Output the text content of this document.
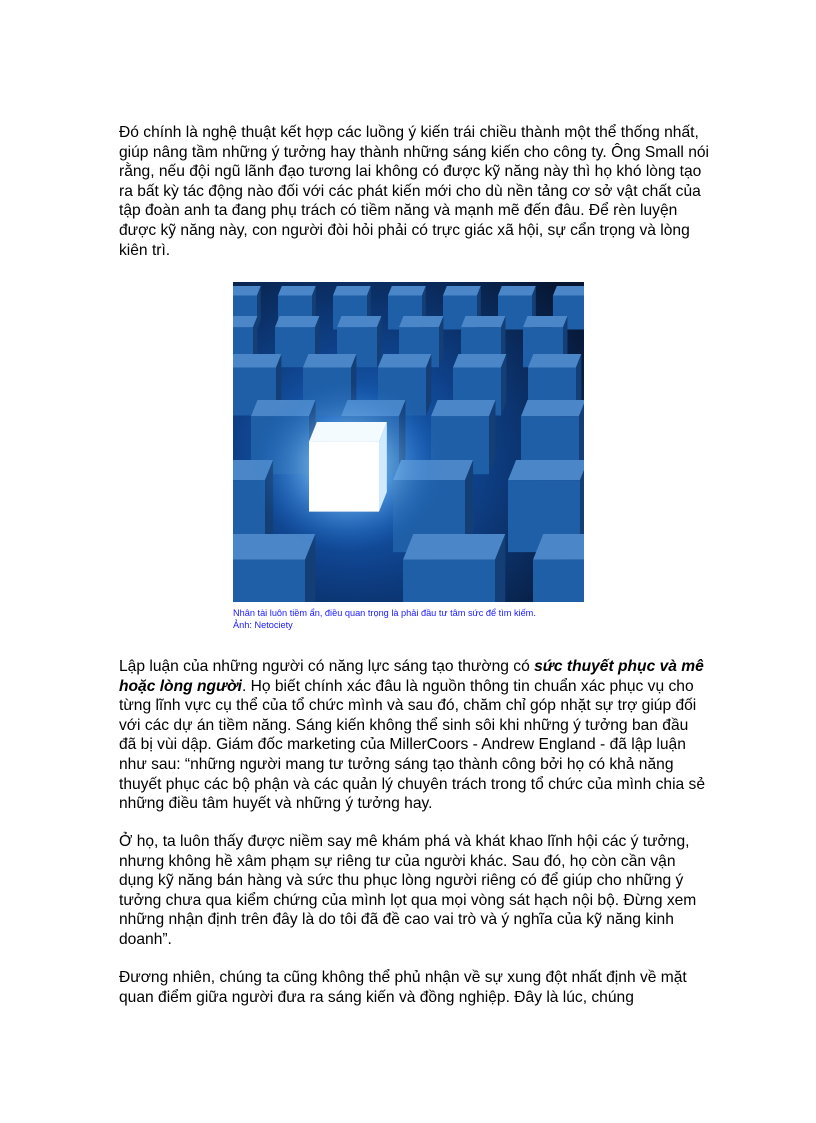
Đó chính là nghệ thuật kết hợp các luồng ý kiến trái chiều thành một thể thống nhất, giúp nâng tầm những ý tưởng hay thành những sáng kiến cho công ty. Ông Small nói rằng, nếu đội ngũ lãnh đạo tương lai không có được kỹ năng này thì họ khó lòng tạo ra bất kỳ tác động nào đối với các phát kiến mới cho dù nền tảng cơ sở vật chất của tập đoàn anh ta đang phụ trách có tiềm năng và mạnh mẽ đến đâu. Để rèn luyện được kỹ năng này, con người đòi hỏi phải có trực giác xã hội, sự cẩn trọng và lòng kiên trì.

Nhân tài luôn tiềm ẩn, điều quan trọng là phải đầu tư tâm sức để tìm kiếm.
Ảnh: Netociety

Lập luận của những người có năng lực sáng tạo thường có sức thuyết phục và mê hoặc lòng người. Họ biết chính xác đâu là nguồn thông tin chuẩn xác phục vụ cho từng lĩnh vực cụ thể của tổ chức mình và sau đó, chăm chỉ góp nhặt sự trợ giúp đối với các dự án tiềm năng. Sáng kiến không thể sinh sôi khi những ý tưởng ban đầu đã bị vùi dập. Giám đốc marketing của MillerCoors - Andrew England - đã lập luận như sau: “những người mang tư tưởng sáng tạo thành công bởi họ có khả năng thuyết phục các bộ phận và các quản lý chuyên trách trong tổ chức của mình chia sẻ những điều tâm huyết và những ý tưởng hay.

Ở họ, ta luôn thấy được niềm say mê khám phá và khát khao lĩnh hội các ý tưởng, nhưng không hề xâm phạm sự riêng tư của người khác. Sau đó, họ còn cần vận dụng kỹ năng bán hàng và sức thu phục lòng người riêng có để giúp cho những ý tưởng chưa qua kiểm chứng của mình lọt qua mọi vòng sát hạch nội bộ. Đừng xem những nhận định trên đây là do tôi đã đề cao vai trò và ý nghĩa của kỹ năng kinh doanh”.

Đương nhiên, chúng ta cũng không thể phủ nhận về sự xung đột nhất định về mặt quan điểm giữa người đưa ra sáng kiến và đồng nghiệp. Đây là lúc, chúng
